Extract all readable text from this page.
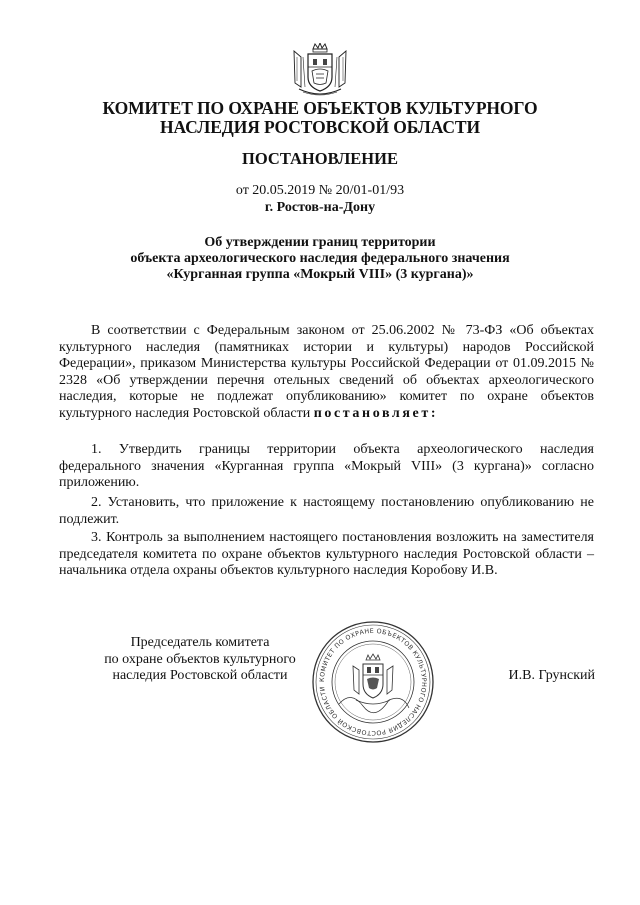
КОМИТЕТ ПО ОХРАНЕ ОБЪЕКТОВ КУЛЬТУРНОГО
НАСЛЕДИЯ РОСТОВСКОЙ ОБЛАСТИ
ПОСТАНОВЛЕНИЕ
от 20.05.2019 № 20/01-01/93
г. Ростов-на-Дону
Об утверждении границ территории
объекта археологического наследия федерального значения
«Курганная группа «Мокрый VIII» (3 кургана)»
В соответствии с Федеральным законом от 25.06.2002 № 73-ФЗ «Об объектах культурного наследия (памятниках истории и культуры) народов Российской Федерации», приказом Министерства культуры Российской Федерации от 01.09.2015 № 2328 «Об утверждении перечня отельных сведений об объектах археологического наследия, которые не подлежат опубликованию» комитет по охране объектов культурного наследия Ростовской области постановляет:
1. Утвердить границы территории объекта археологического наследия федерального значения «Курганная группа «Мокрый VIII» (3 кургана)» согласно приложению.
2. Установить, что приложение к настоящему постановлению опубликованию не подлежит.
3. Контроль за выполнением настоящего постановления возложить на заместителя председателя комитета по охране объектов культурного наследия Ростовской области – начальника отдела охраны объектов культурного наследия Коробову И.В.
Председатель комитета
по охране объектов культурного
наследия Ростовской области	КОМИТЕТ ПО ОХРАНЕ ОБЪЕКТОВ КУЛЬТУРНОГО НАСЛЕДИЯ РОСТОВСКОЙ ОБЛАСТИ
И.В. Грунский
